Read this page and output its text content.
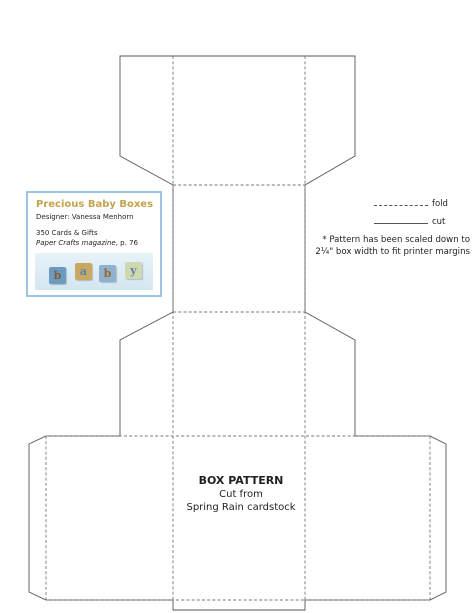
fold
cut
* Pattern has been scaled down to
2¼" box width to fit printer margins
Precious Baby Boxes
Designer: Vanessa Menhorn
350 Cards & Gifts
Paper Crafts magazine, p. 76
b	a	b	y
BOX PATTERN
Cut from
Spring Rain cardstock
